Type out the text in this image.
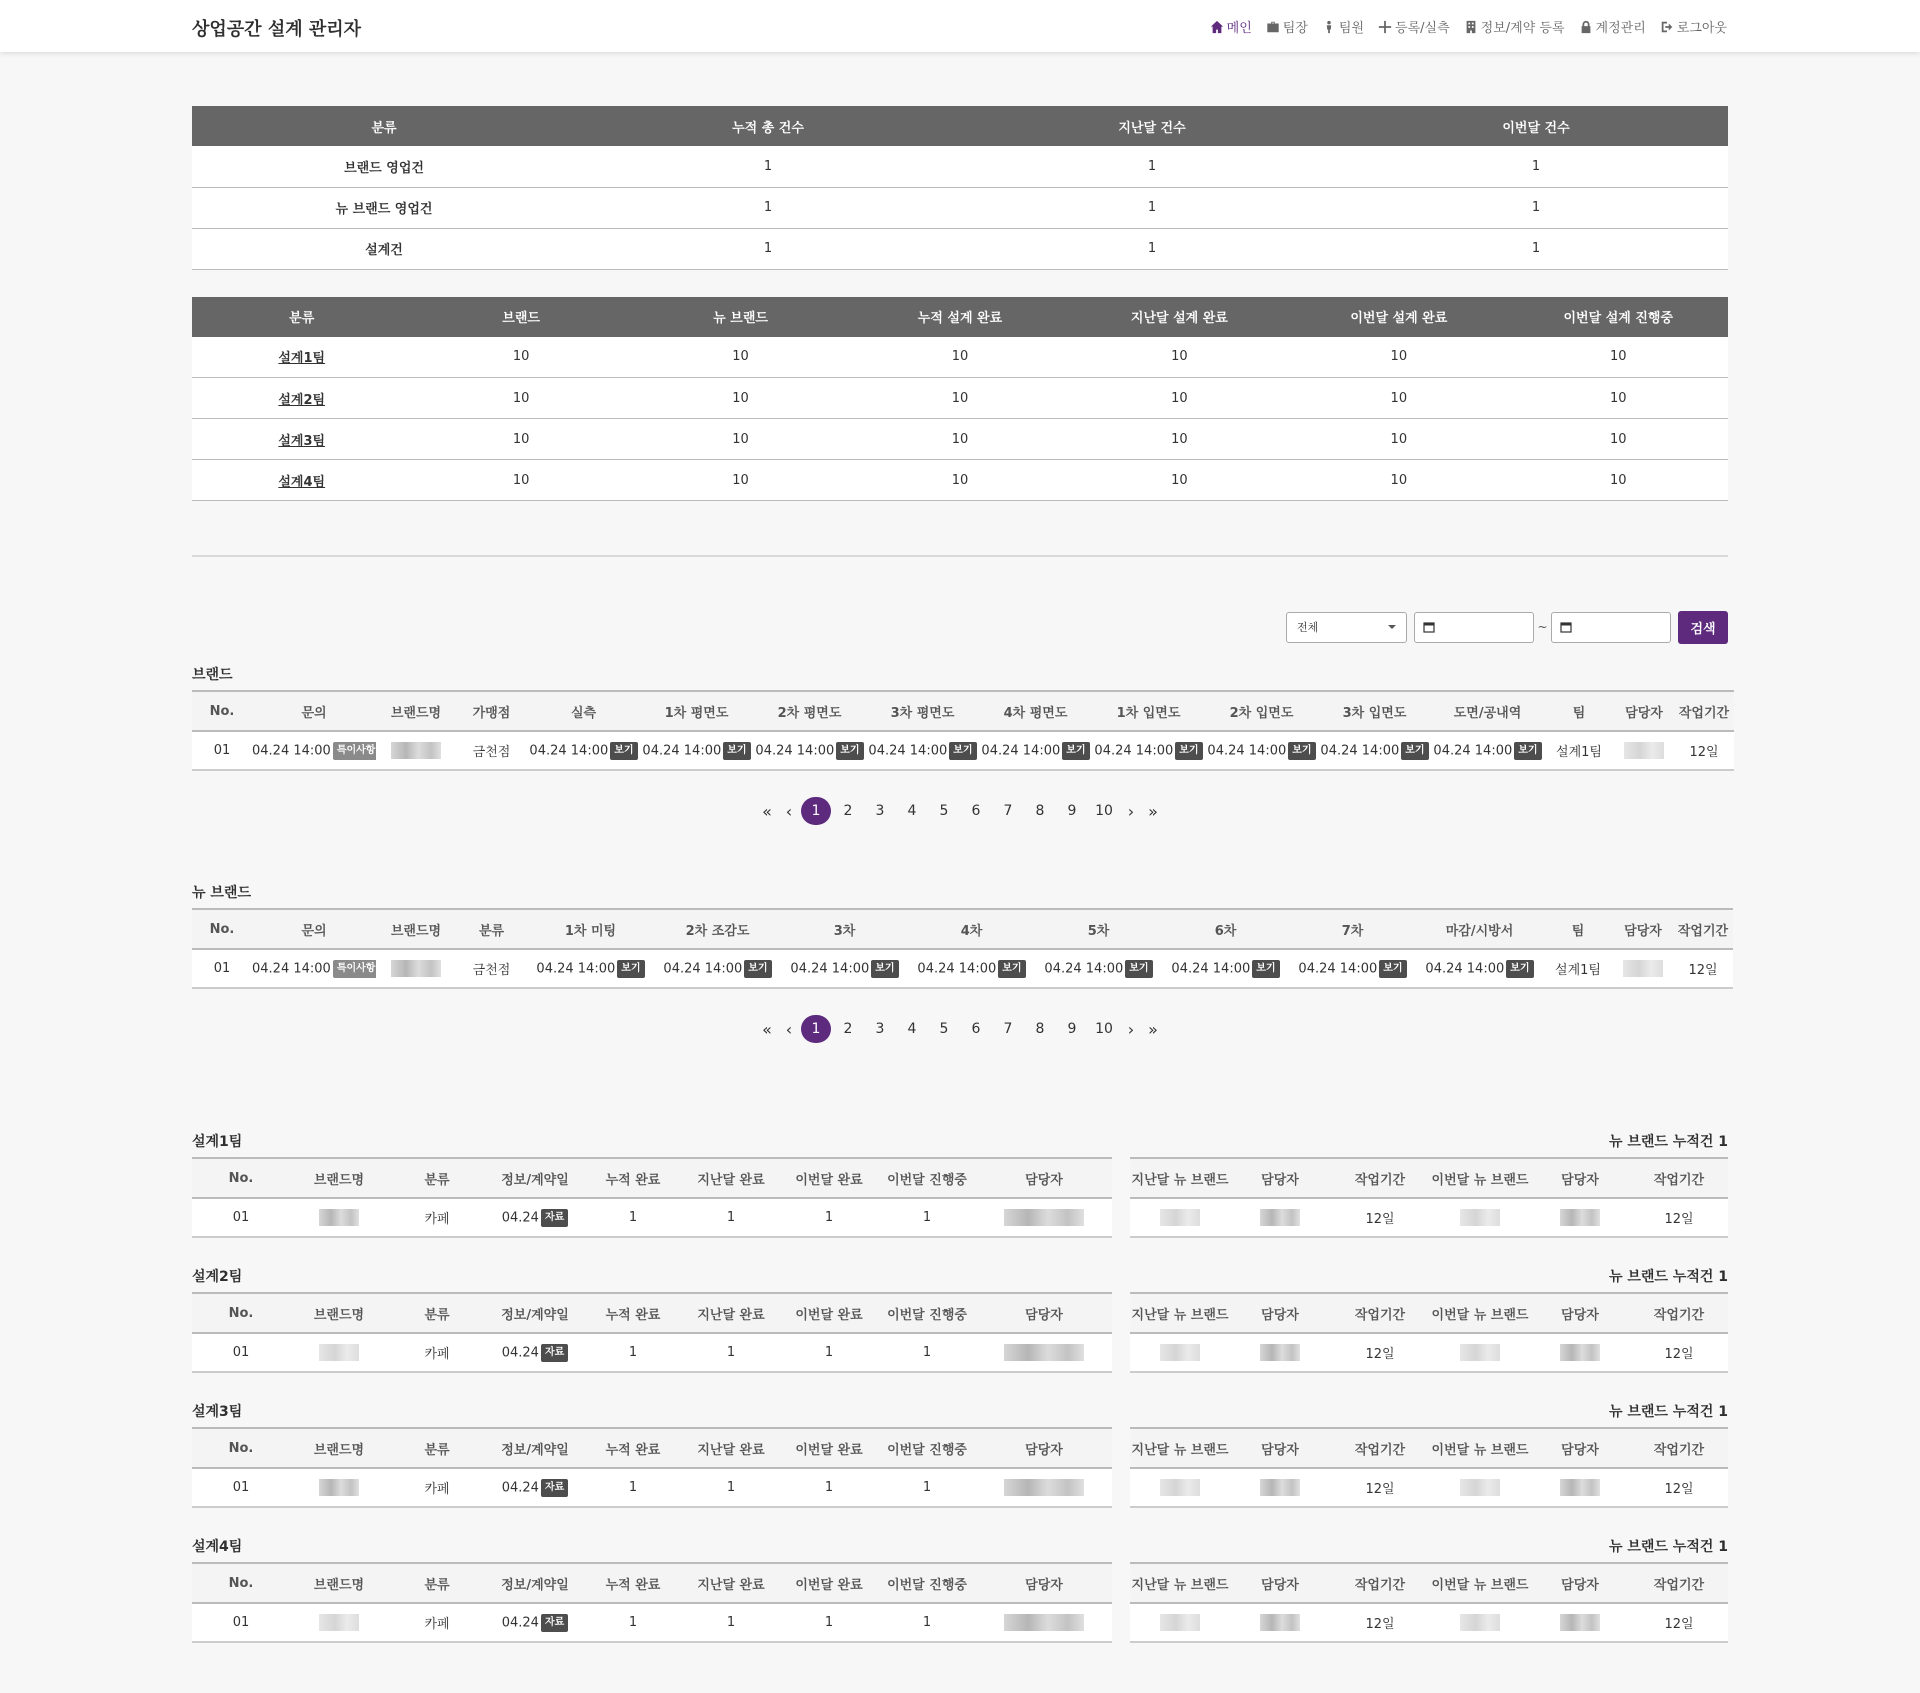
상업공간 설계 관리자	메인 팀장 팀원 등록/실측 정보/계약 등록 계정관리 로그아웃
분류	누적 총 건수	지난달 건수	이번달 건수
브랜드 영업건	1	1	1
뉴 브랜드 영업건	1	1	1
설계건	1	1	1
분류	브랜드	뉴 브랜드	누적 설계 완료	지난달 설계 완료	이번달 설계 완료	이번달 설계 진행중
설계1팀	10	10	10	10	10	10
설계2팀	10	10	10	10	10	10
설계3팀	10	10	10	10	10	10
설계4팀	10	10	10	10	10	10
전체	~	검색
브랜드
No.	문의	브랜드명	가맹점	실측	1차 평면도	2차 평면도	3차 평면도	4차 평면도	1차 입면도	2차 입면도	3차 입면도	도면/공내역	팀	담당자	작업기간
01	04.24 14:00 특이사항		금천점	04.24 14:00 보기	04.24 14:00 보기	04.24 14:00 보기	04.24 14:00 보기	04.24 14:00 보기	04.24 14:00 보기	04.24 14:00 보기	04.24 14:00 보기	04.24 14:00 보기	설계1팀		12일
« ‹	1	2	3	4	5	6	7	8	9	10 › »
뉴 브랜드
No.	문의	브랜드명	분류	1차 미팅	2차 조감도	3차	4차	5차	6차	7차	마감/시방서	팀	담당자	작업기간
01	04.24 14:00 특이사항		금천점	04.24 14:00 보기	04.24 14:00 보기	04.24 14:00 보기	04.24 14:00 보기	04.24 14:00 보기	04.24 14:00 보기	04.24 14:00 보기	04.24 14:00 보기	설계1팀		12일
« ‹	1	2	3	4	5	6	7	8	9	10 › »
설계1팀
No.	브랜드명	분류	정보/계약일	누적 완료	지난달 완료	이번달 완료	이번달 진행중	담당자
01		카페	04.24 자료	1	1	1	1	
뉴 브랜드 누적건 1
지난달 뉴 브랜드	담당자	작업기간	이번달 뉴 브랜드	담당자	작업기간
		12일			12일
설계2팀
No.	브랜드명	분류	정보/계약일	누적 완료	지난달 완료	이번달 완료	이번달 진행중	담당자
01		카페	04.24 자료	1	1	1	1	
뉴 브랜드 누적건 1
지난달 뉴 브랜드	담당자	작업기간	이번달 뉴 브랜드	담당자	작업기간
		12일			12일
설계3팀
No.	브랜드명	분류	정보/계약일	누적 완료	지난달 완료	이번달 완료	이번달 진행중	담당자
01		카페	04.24 자료	1	1	1	1	
뉴 브랜드 누적건 1
지난달 뉴 브랜드	담당자	작업기간	이번달 뉴 브랜드	담당자	작업기간
		12일			12일
설계4팀
No.	브랜드명	분류	정보/계약일	누적 완료	지난달 완료	이번달 완료	이번달 진행중	담당자
01		카페	04.24 자료	1	1	1	1	
뉴 브랜드 누적건 1
지난달 뉴 브랜드	담당자	작업기간	이번달 뉴 브랜드	담당자	작업기간
		12일			12일
